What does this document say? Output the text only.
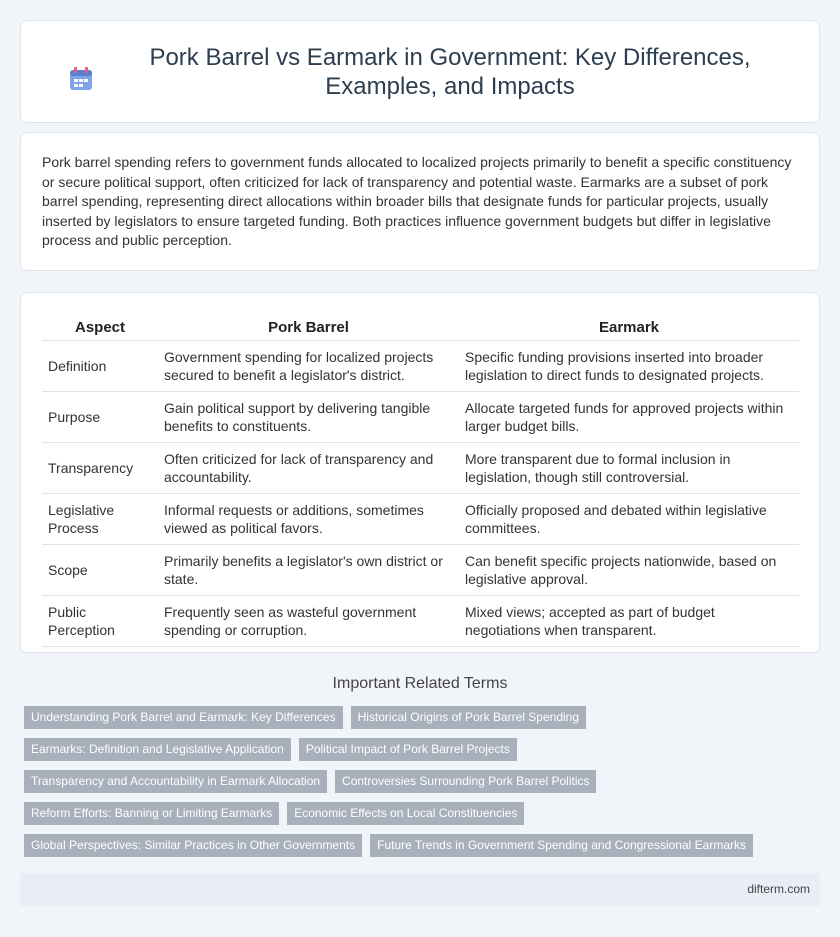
Pork Barrel vs Earmark in Government: Key Differences, Examples, and Impacts

Pork barrel spending refers to government funds allocated to localized projects primarily to benefit a specific constituency or secure political support, often criticized for lack of transparency and potential waste. Earmarks are a subset of pork barrel spending, representing direct allocations within broader bills that designate funds for particular projects, usually inserted by legislators to ensure targeted funding. Both practices influence government budgets but differ in legislative process and public perception.

Aspect	Pork Barrel	Earmark
Definition	Government spending for localized projects secured to benefit a legislator's district.	Specific funding provisions inserted into broader legislation to direct funds to designated projects.
Purpose	Gain political support by delivering tangible benefits to constituents.	Allocate targeted funds for approved projects within larger budget bills.
Transparency	Often criticized for lack of transparency and accountability.	More transparent due to formal inclusion in legislation, though still controversial.
Legislative Process	Informal requests or additions, sometimes viewed as political favors.	Officially proposed and debated within legislative committees.
Scope	Primarily benefits a legislator's own district or state.	Can benefit specific projects nationwide, based on legislative approval.
Public Perception	Frequently seen as wasteful government spending or corruption.	Mixed views; accepted as part of budget negotiations when transparent.
Important Related Terms
Understanding Pork Barrel and Earmark: Key Differences	Historical Origins of Pork Barrel Spending
Earmarks: Definition and Legislative Application	Political Impact of Pork Barrel Projects
Transparency and Accountability in Earmark Allocation	Controversies Surrounding Pork Barrel Politics
Reform Efforts: Banning or Limiting Earmarks	Economic Effects on Local Constituencies
Global Perspectives: Similar Practices in Other Governments	Future Trends in Government Spending and Congressional Earmarks
difterm.com
